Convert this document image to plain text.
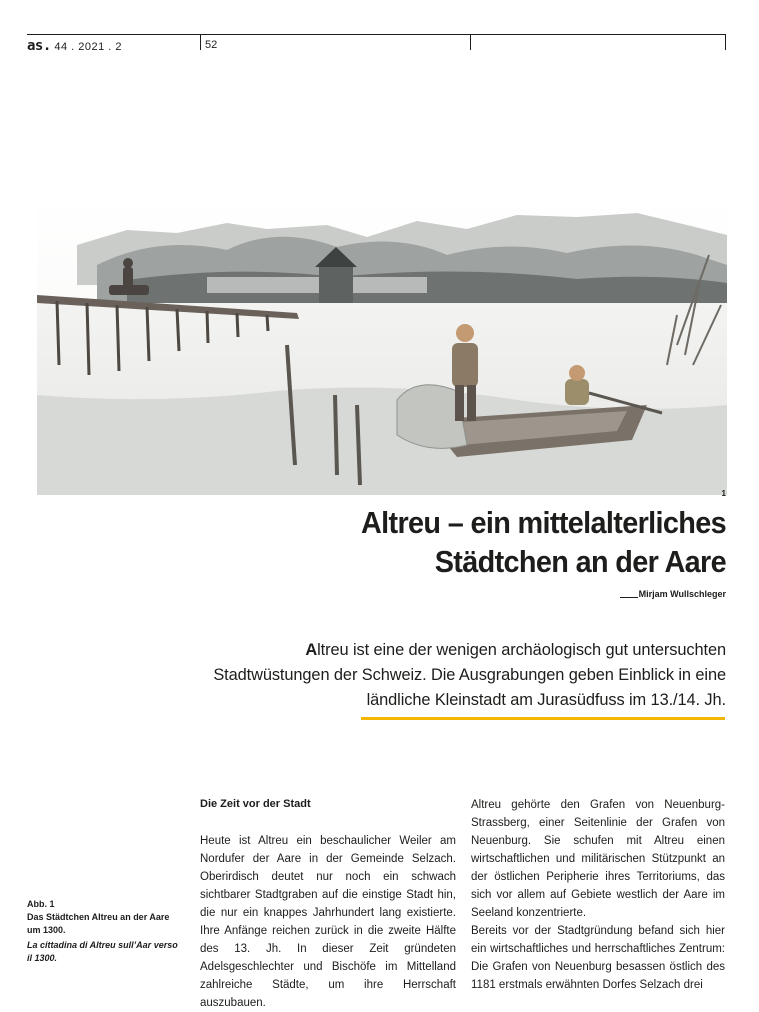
as. 44 . 2021 . 2	52
1
Altreu – ein mittelalterliches
Städtchen an der Aare
Mirjam Wullschleger
Altreu ist eine der wenigen archäologisch gut untersuchten Stadtwüstungen der Schweiz. Die Ausgrabungen geben Einblick in eine ländliche Kleinstadt am Jurasüdfuss im 13./14. Jh.
Abb. 1
Das Städtchen Altreu an der Aare um 1300.
La cittadina di Altreu sull’Aar verso il 1300.
Die Zeit vor der Stadt

Heute ist Altreu ein beschaulicher Weiler am Nordufer der Aare in der Gemeinde Selzach. Oberirdisch deutet nur noch ein schwach sichtbarer Stadtgraben auf die einstige Stadt hin, die nur ein knappes Jahrhundert lang existierte. Ihre Anfänge reichen zurück in die zweite Hälfte des 13. Jh. In dieser Zeit gründeten Adelsgeschlechter und Bischöfe im Mittelland zahlreiche Städte, um ihre Herrschaft auszubauen.

Altreu gehörte den Grafen von Neuenburg-Strassberg, einer Seitenlinie der Grafen von Neuenburg. Sie schufen mit Altreu einen wirtschaftlichen und militärischen Stützpunkt an der östlichen Peripherie ihres Territoriums, das sich vor allem auf Gebiete westlich der Aare im Seeland konzentrierte.

Bereits vor der Stadtgründung befand sich hier ein wirtschaftliches und herrschaftliches Zentrum: Die Grafen von Neuenburg besassen östlich des 1181 erstmals erwähnten Dorfes Selzach drei
